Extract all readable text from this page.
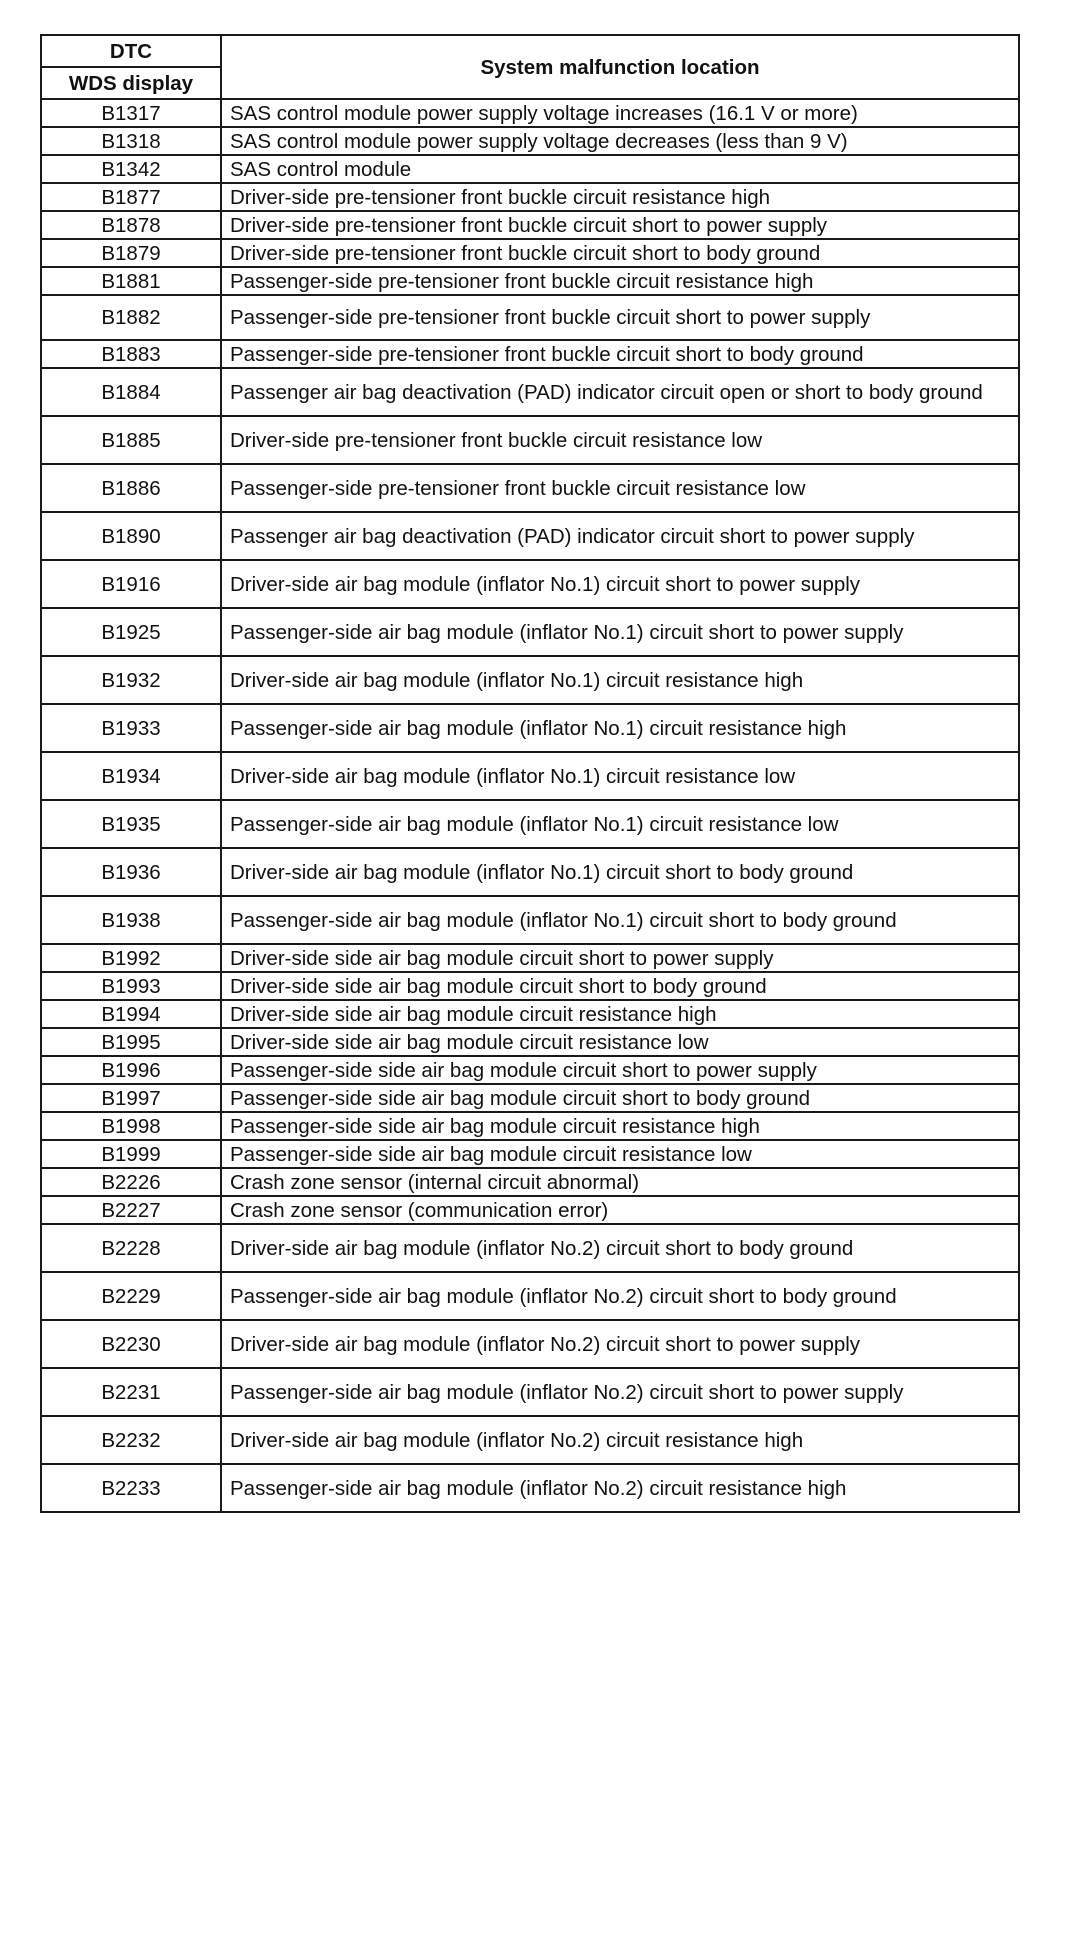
DTC	System malfunction location
WDS display	
B1317	SAS control module power supply voltage increases (16.1 V or more)
B1318	SAS control module power supply voltage decreases (less than 9 V)
B1342	SAS control module
B1877	Driver-side pre-tensioner front buckle circuit resistance high
B1878	Driver-side pre-tensioner front buckle circuit short to power supply
B1879	Driver-side pre-tensioner front buckle circuit short to body ground
B1881	Passenger-side pre-tensioner front buckle circuit resistance high
B1882	Passenger-side pre-tensioner front buckle circuit short to power supply
B1883	Passenger-side pre-tensioner front buckle circuit short to body ground
B1884	Passenger air bag deactivation (PAD) indicator circuit open or short to body ground
B1885	Driver-side pre-tensioner front buckle circuit resistance low
B1886	Passenger-side pre-tensioner front buckle circuit resistance low
B1890	Passenger air bag deactivation (PAD) indicator circuit short to power supply
B1916	Driver-side air bag module (inflator No.1) circuit short to power supply
B1925	Passenger-side air bag module (inflator No.1) circuit short to power supply
B1932	Driver-side air bag module (inflator No.1) circuit resistance high
B1933	Passenger-side air bag module (inflator No.1) circuit resistance high
B1934	Driver-side air bag module (inflator No.1) circuit resistance low
B1935	Passenger-side air bag module (inflator No.1) circuit resistance low
B1936	Driver-side air bag module (inflator No.1) circuit short to body ground
B1938	Passenger-side air bag module (inflator No.1) circuit short to body ground
B1992	Driver-side side air bag module circuit short to power supply
B1993	Driver-side side air bag module circuit short to body ground
B1994	Driver-side side air bag module circuit resistance high
B1995	Driver-side side air bag module circuit resistance low
B1996	Passenger-side side air bag module circuit short to power supply
B1997	Passenger-side side air bag module circuit short to body ground
B1998	Passenger-side side air bag module circuit resistance high
B1999	Passenger-side side air bag module circuit resistance low
B2226	Crash zone sensor (internal circuit abnormal)
B2227	Crash zone sensor (communication error)
B2228	Driver-side air bag module (inflator No.2) circuit short to body ground
B2229	Passenger-side air bag module (inflator No.2) circuit short to body ground
B2230	Driver-side air bag module (inflator No.2) circuit short to power supply
B2231	Passenger-side air bag module (inflator No.2) circuit short to power supply
B2232	Driver-side air bag module (inflator No.2) circuit resistance high
B2233	Passenger-side air bag module (inflator No.2) circuit resistance high
